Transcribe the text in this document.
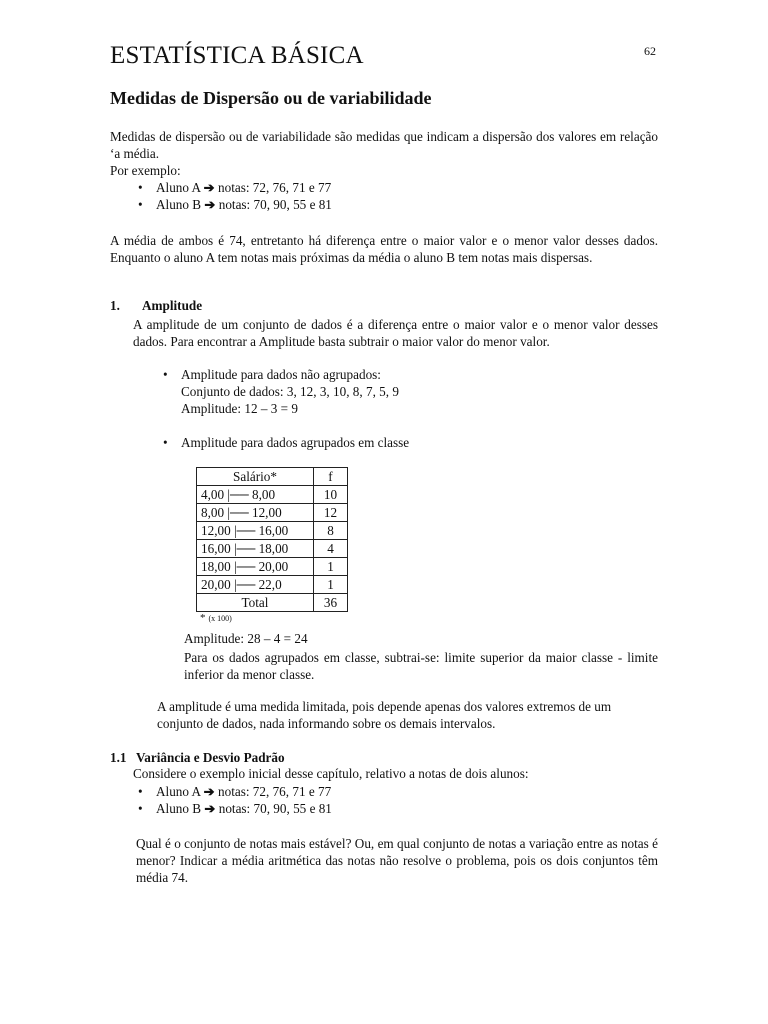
ESTATÍSTICA BÁSICA	62
Medidas de Dispersão ou de variabilidade
Medidas de dispersão ou de variabilidade são medidas que indicam a dispersão dos valores em relação ‘a média.
Por exemplo:
• Aluno A ➔ notas: 72, 76, 71 e 77
• Aluno B ➔ notas: 70, 90, 55 e 81
A média de ambos é 74, entretanto há diferença entre o maior valor e o menor valor desses dados. Enquanto o aluno A tem notas mais próximas da média o aluno B tem notas mais dispersas.
1. Amplitude
A amplitude de um conjunto de dados é a diferença entre o maior valor e o menor valor desses dados. Para encontrar a Amplitude basta subtrair o maior valor do menor valor.
• Amplitude para dados não agrupados:
Conjunto de dados: 3, 12, 3, 10, 8, 7, 5, 9
Amplitude: 12 – 3 = 9
• Amplitude para dados agrupados em classe
Salário*	f
4,00 |── 8,00	10
8,00 |── 12,00	12
12,00 |── 16,00	8
16,00 |── 18,00	4
18,00 |── 20,00	1
20,00 |── 22,0	1
Total	36
* (x 100)
Amplitude: 28 – 4 = 24
Para os dados agrupados em classe, subtrai-se: limite superior da maior classe - limite inferior da menor classe.
A amplitude é uma medida limitada, pois depende apenas dos valores extremos de um conjunto de dados, nada informando sobre os demais intervalos.
1.1 Variância e Desvio Padrão
Considere o exemplo inicial desse capítulo, relativo a notas de dois alunos:
• Aluno A ➔ notas: 72, 76, 71 e 77
• Aluno B ➔ notas: 70, 90, 55 e 81
Qual é o conjunto de notas mais estável? Ou, em qual conjunto de notas a variação entre as notas é menor? Indicar a média aritmética das notas não resolve o problema, pois os dois conjuntos têm média 74.
